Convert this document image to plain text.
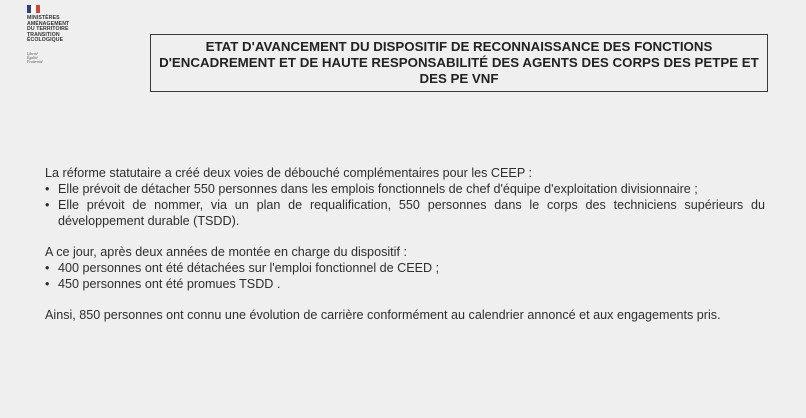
MINISTÈRES
AMÉNAGEMENT
DU TERRITOIRE
TRANSITION
ÉCOLOGIQUE

Liberté
Égalité
Fraternité

ETAT D'AVANCEMENT DU DISPOSITIF DE RECONNAISSANCE DES FONCTIONS D'ENCADREMENT ET DE HAUTE RESPONSABILITÉ DES AGENTS DES CORPS DES PETPE ET DES PE VNF

La réforme statutaire a créé deux voies de débouché complémentaires pour les CEEP :

• Elle prévoit de détacher 550 personnes dans les emplois fonctionnels de chef d'équipe d'exploitation divisionnaire ;
• Elle prévoit de nommer, via un plan de requalification, 550 personnes dans le corps des techniciens supérieurs du développement durable (TSDD).

A ce jour, après deux années de montée en charge du dispositif :

• 400 personnes ont été détachées sur l'emploi fonctionnel de CEED ;
• 450 personnes ont été promues TSDD .

Ainsi, 850 personnes ont connu une évolution de carrière conformément au calendrier annoncé et aux engagements pris.
